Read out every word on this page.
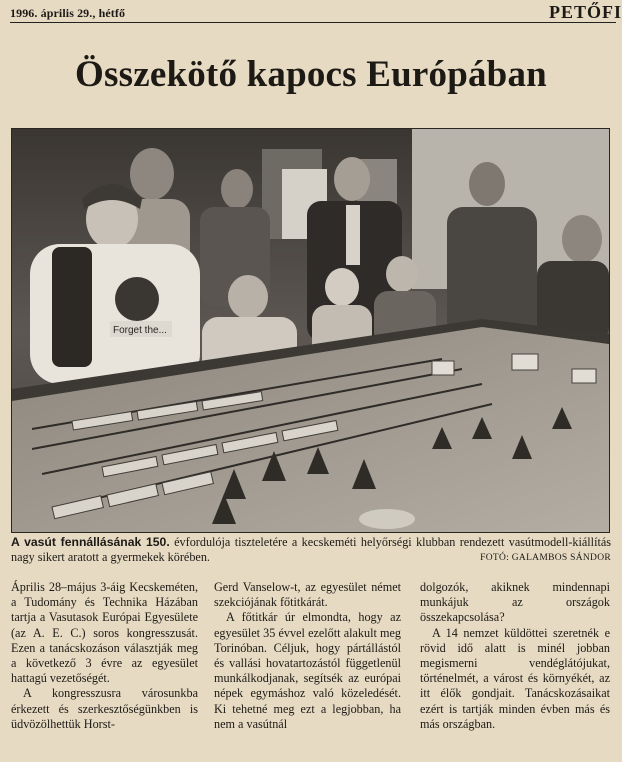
1996. április 29., hétfő	PETŐFI
Összekötő kapocs Európában
Forget the...
A vasút fennállásának 150. évfordulója tiszteletére a kecskeméti helyőrségi klubban rendezett vasútmodell-kiállítás nagy sikert aratott a gyermekek körében.	FOTÓ: GALAMBOS SÁNDOR

Április 28–május 3-áig Kecskeméten, a Tudomány és Technika Házában tartja a Vasutasok Európai Egyesülete (az A. E. C.) soros kongresszusát. Ezen a tanácskozáson választják meg a következő 3 évre az egyesület hattagú vezetőségét.

A kongresszusra városunkba érkezett és szerkesztőségünkben is üdvözölhettük Horst-

Gerd Vanselow-t, az egyesület német szekciójának főtitkárát.

A főtitkár úr elmondta, hogy az egyesület 35 évvel ezelőtt alakult meg Torinóban. Céljuk, hogy pártállástól és vallási hovatartozástól függetlenül munkálkodjanak, segítsék az európai népek egymáshoz való közeledését. Ki tehetné meg ezt a legjobban, ha nem a vasútnál

dolgozók, akiknek mindennapi munkájuk az országok összekapcsolása?

A 14 nemzet küldöttei szeretnék e rövid idő alatt is minél jobban megismerni vendéglátójukat, történelmét, a várost és környékét, az itt élők gondjait. Tanácskozásaikat ezért is tartják minden évben más és más országban.
